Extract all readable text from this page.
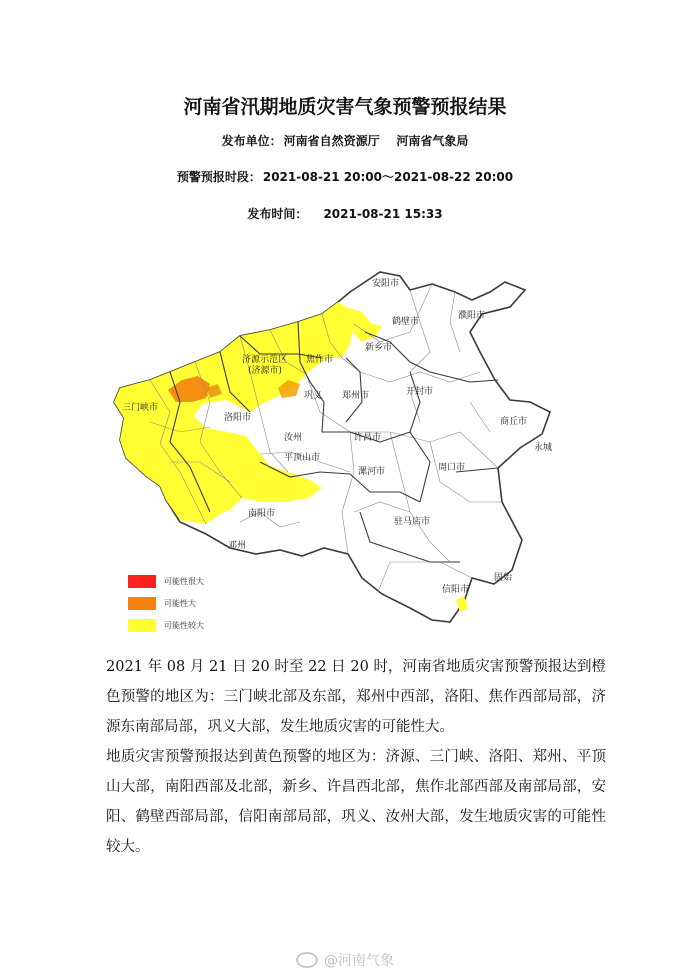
河南省汛期地质灾害气象预警预报结果
发布单位： 河南省自然资源厅    河南省气象局
预警预报时段： 2021-08-21 20:00～2021-08-22 20:00
发布时间： 2021-08-21 15:33
安阳市
鹤壁市
濮阳市
新乡市
焦作市
济源示范区
(济源市)
三门峡市
洛阳市
巩义 郑州市	开封市
商丘市
永城
汝州	许昌市
平顶山市
漯河市	周口市
南阳市
邓州
驻马店市
信阳市
固始
可能性很大
可能性大
可能性较大

2021 年 08 月 21 日 20 时至 22 日 20 时，河南省地质灾害预警预报达到橙色预警的地区为：三门峡北部及东部，郑州中西部，洛阳、焦作西部局部，济源东南部局部，巩义大部，发生地质灾害的可能性大。

地质灾害预警预报达到黄色预警的地区为：济源、三门峡、洛阳、郑州、平顶山大部，南阳西部及北部，新乡、许昌西北部，焦作北部西部及南部局部，安阳、鹤壁西部局部，信阳南部局部，巩义、汝州大部，发生地质灾害的可能性较大。

@河南气象
